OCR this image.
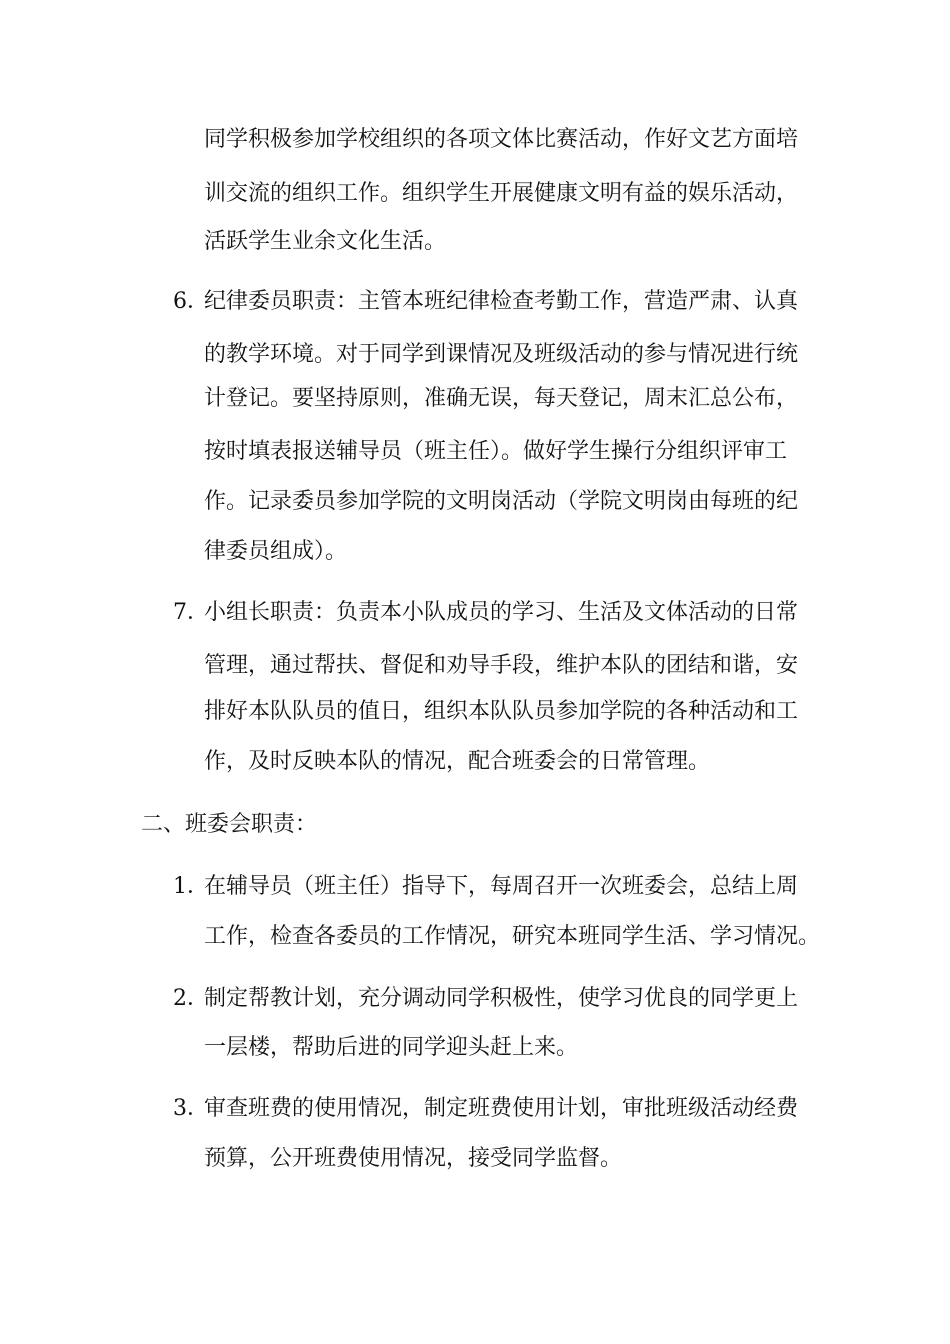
同学积极参加学校组织的各项文体比赛活动，作好文艺方面培
训交流的组织工作。组织学生开展健康文明有益的娱乐活动，
活跃学生业余文化生活。
6．纪律委员职责：主管本班纪律检查考勤工作，营造严肃、认真
的教学环境。对于同学到课情况及班级活动的参与情况进行统
计登记。要坚持原则，准确无误，每天登记，周末汇总公布，
按时填表报送辅导员（班主任）。做好学生操行分组织评审工
作。记录委员参加学院的文明岗活动（学院文明岗由每班的纪
律委员组成）。
7．小组长职责：负责本小队成员的学习、生活及文体活动的日常
管理，通过帮扶、督促和劝导手段，维护本队的团结和谐，安
排好本队队员的值日，组织本队队员参加学院的各种活动和工
作，及时反映本队的情况，配合班委会的日常管理。
二、班委会职责：
1．在辅导员（班主任）指导下，每周召开一次班委会，总结上周
工作，检查各委员的工作情况，研究本班同学生活、学习情况。
2．制定帮教计划，充分调动同学积极性，使学习优良的同学更上
一层楼，帮助后进的同学迎头赶上来。
3．审查班费的使用情况，制定班费使用计划，审批班级活动经费
预算，公开班费使用情况，接受同学监督。
